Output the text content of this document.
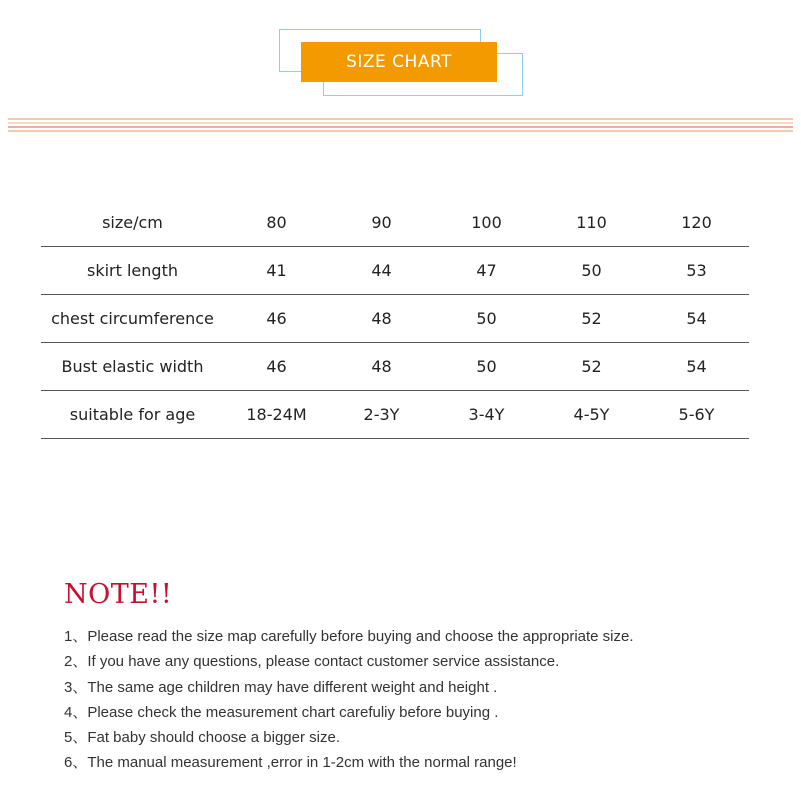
SIZE CHART
size/cm	80	90	100	110	120
skirt length	41	44	47	50	53
chest circumference	46	48	50	52	54
Bust elastic width	46	48	50	52	54
suitable for age	18-24M	2-3Y	3-4Y	4-5Y	5-6Y
NOTE!!
1、Please read the size map carefully before buying and choose the appropriate size.
2、If you have any questions, please contact customer service assistance.
3、The same age children may have different weight and height .
4、Please check the measurement chart carefuliy before buying .
5、Fat baby should choose a bigger size.
6、The manual measurement ,error in 1-2cm with the normal range!
